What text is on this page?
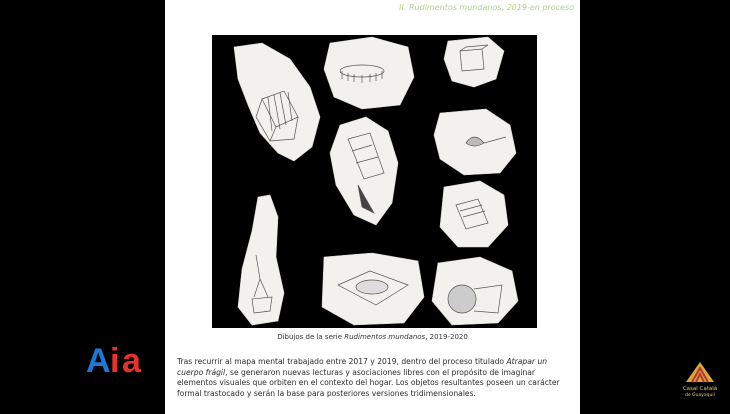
II. Rudimentos mundanos, 2019-en proceso
Dibujos de la serie Rudimentos mundanos, 2019-2020
Tras recurrir al mapa mental trabajado entre 2017 y 2019, dentro del proceso titulado Atrapar un cuerpo frágil, se generaron nuevas lecturas y asociaciones libres con el propósito de imaginar elementos visuales que orbiten en el contexto del hogar. Los objetos resultantes poseen un carácter formal trastocado y serán la base para posteriores versiones tridimensionales.
A i a
Casal Català
de Guayaquil
